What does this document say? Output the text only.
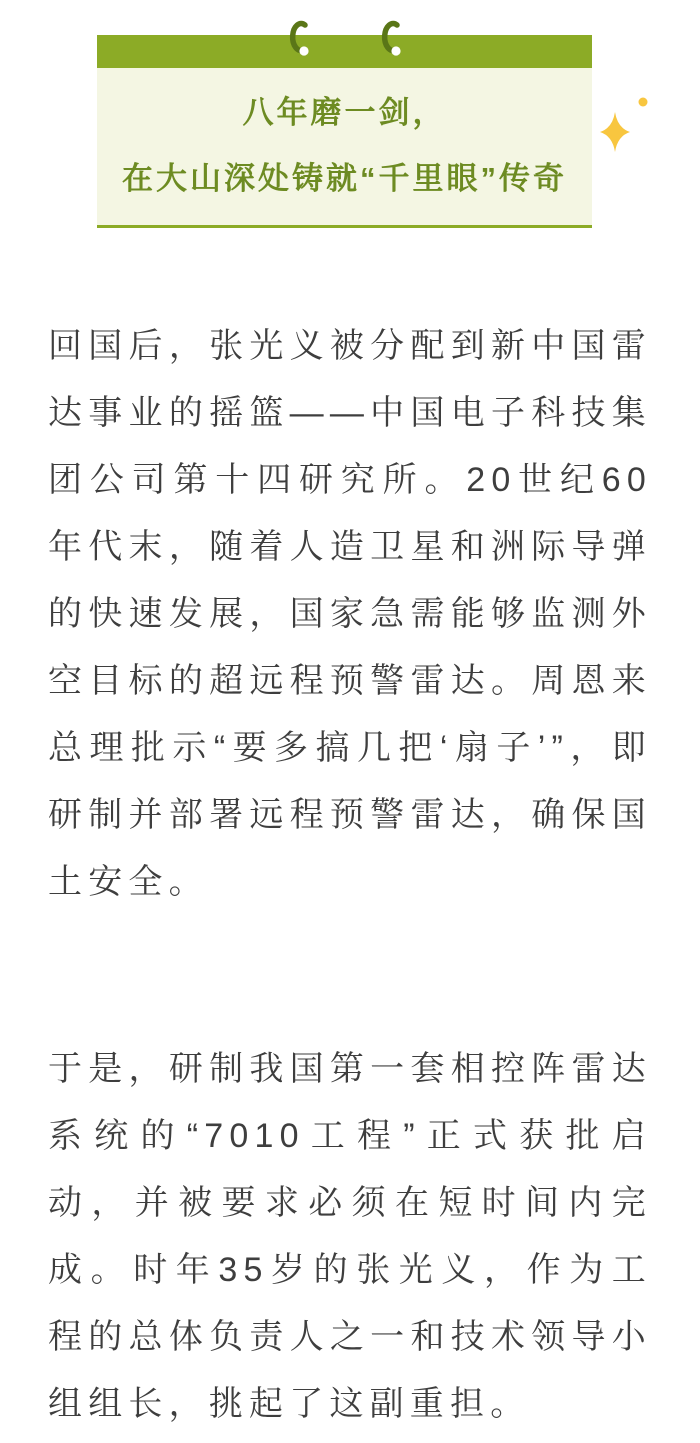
八年磨一剑，
在大山深处铸就“千里眼”传奇

回国后，张光义被分配到新中国雷达事业的摇篮——中国电子科技集团公司第十四研究所。20世纪60年代末，随着人造卫星和洲际导弹的快速发展，国家急需能够监测外空目标的超远程预警雷达。周恩来总理批示“要多搞几把‘扇子’”，即研制并部署远程预警雷达，确保国土安全。

于是，研制我国第一套相控阵雷达系统的“7010工程”正式获批启动，并被要求必须在短时间内完成。时年35岁的张光义，作为工程的总体负责人之一和技术领导小组组长，挑起了这副重担。
